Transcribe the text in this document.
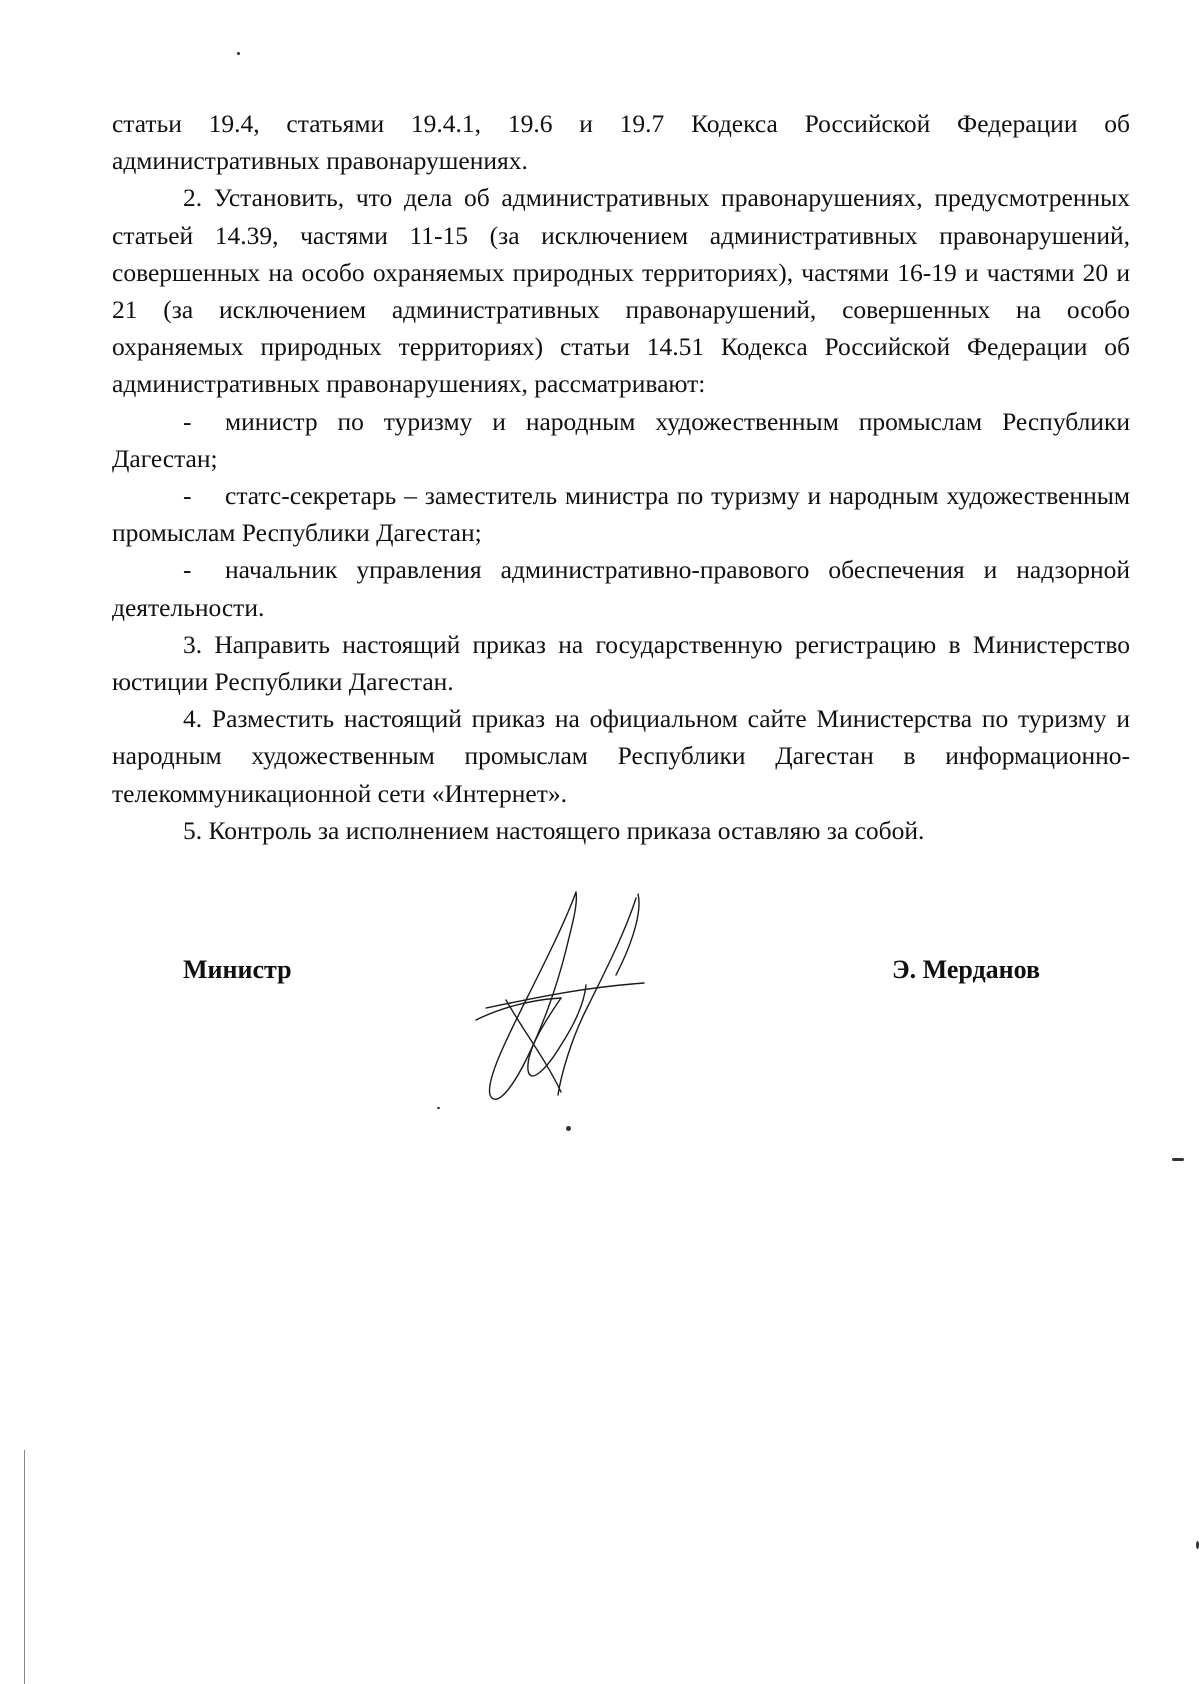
статьи 19.4, статьями 19.4.1, 19.6 и 19.7 Кодекса Российской Федерации об административных правонарушениях.

2. Установить, что дела об административных правонарушениях, предусмотренных статьей 14.39, частями 11-15 (за исключением административных правонарушений, совершенных на особо охраняемых природных территориях), частями 16-19 и частями 20 и 21 (за исключением административных правонарушений, совершенных на особо охраняемых природных территориях) статьи 14.51 Кодекса Российской Федерации об административных правонарушениях, рассматривают:

- министр по туризму и народным художественным промыслам Республики Дагестан;

- статс-секретарь – заместитель министра по туризму и народным художественным промыслам Республики Дагестан;

- начальник управления административно-правового обеспечения и надзорной деятельности.

3. Направить настоящий приказ на государственную регистрацию в Министерство юстиции Республики Дагестан.

4. Разместить настоящий приказ на официальном сайте Министерства по туризму и народным художественным промыслам Республики Дагестан в информационно-телекоммуникационной сети «Интернет».

5. Контроль за исполнением настоящего приказа оставляю за собой.

Министр	Э. Мерданов
